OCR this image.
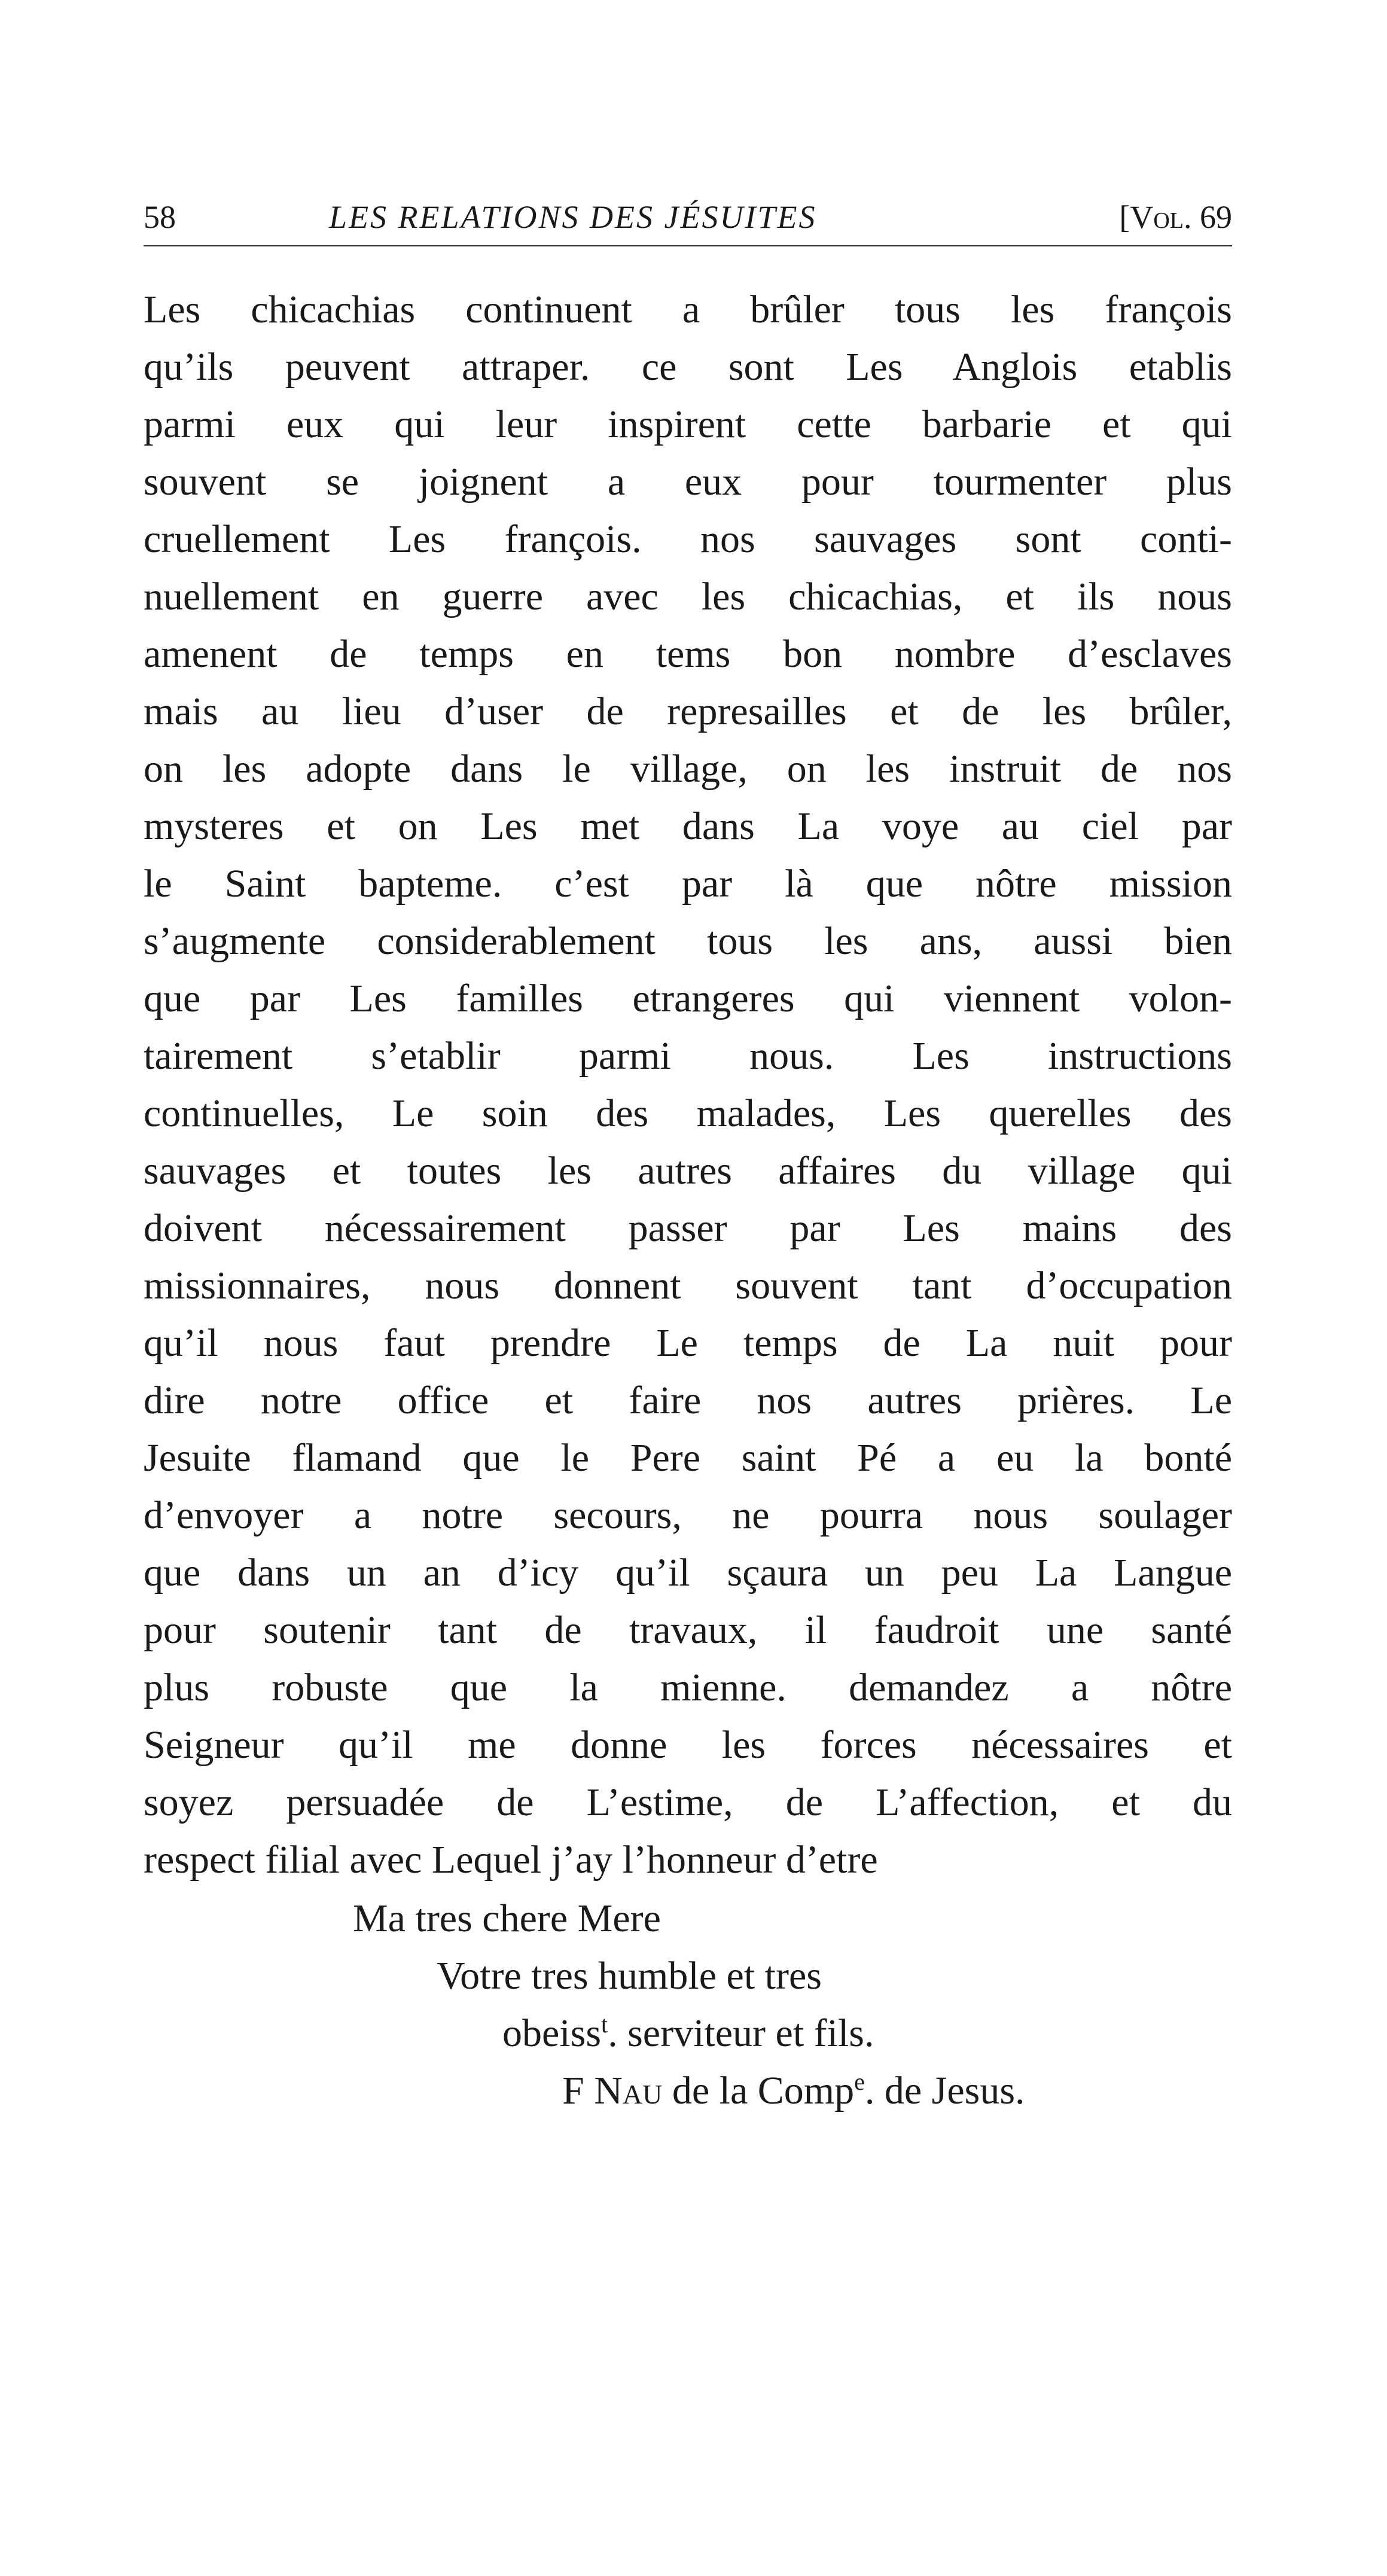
58	LES RELATIONS DES JÉSUITES	[Vol. 69
Les chicachias continuent a brûler tous les françois
qu’ils peuvent attraper. ce sont Les Anglois etablis
parmi eux qui leur inspirent cette barbarie et qui
souvent se joignent a eux pour tourmenter plus
cruellement Les françois. nos sauvages sont conti-
nuellement en guerre avec les chicachias, et ils nous
amenent de temps en tems bon nombre d’esclaves
mais au lieu d’user de represailles et de les brûler,
on les adopte dans le village, on les instruit de nos
mysteres et on Les met dans La voye au ciel par
le Saint bapteme. c’est par là que nôtre mission
s’augmente considerablement tous les ans, aussi bien
que par Les familles etrangeres qui viennent volon-
tairement s’etablir parmi nous. Les instructions
continuelles, Le soin des malades, Les querelles des
sauvages et toutes les autres affaires du village qui
doivent nécessairement passer par Les mains des
missionnaires, nous donnent souvent tant d’occupation
qu’il nous faut prendre Le temps de La nuit pour
dire notre office et faire nos autres prières. Le
Jesuite flamand que le Pere saint Pé a eu la bonté
d’envoyer a notre secours, ne pourra nous soulager
que dans un an d’icy qu’il sçaura un peu La Langue
pour soutenir tant de travaux, il faudroit une santé
plus robuste que la mienne. demandez a nôtre
Seigneur qu’il me donne les forces nécessaires et
soyez persuadée de L’estime, de L’affection, et du
respect filial avec Lequel j’ay l’honneur d’etre
Ma tres chere Mere
Votre tres humble et tres
obeiss$^t$. serviteur et fils.
F Nau de la Comp$^e$. de Jesus.
